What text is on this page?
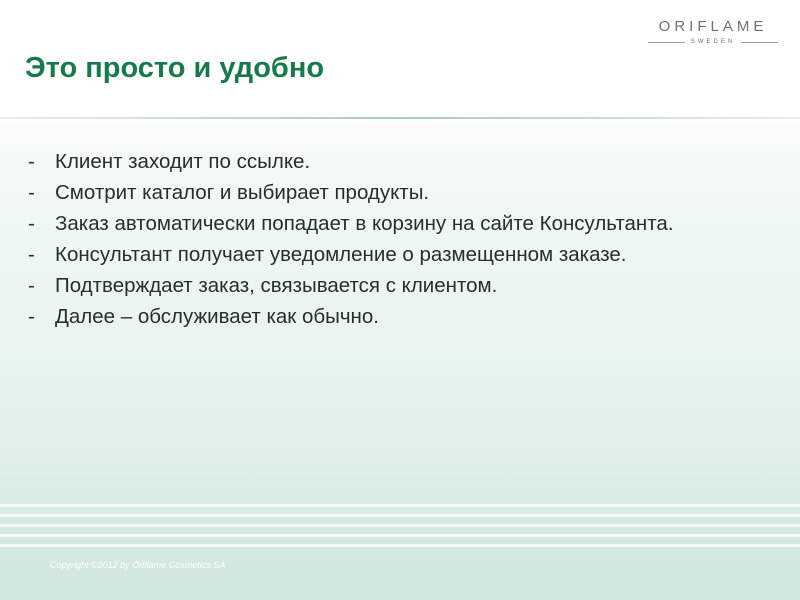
ORIFLAME
SWEDEN
Это просто и удобно
- Клиент заходит по ссылке.
- Смотрит каталог и выбирает продукты.
- Заказ автоматически попадает в корзину на сайте Консультанта.
- Консультант получает уведомление о размещенном заказе.
- Подтверждает заказ, связывается с клиентом.
- Далее – обслуживает как обычно.
Copyright ©2012 by Oriflame Cosmetics SA
